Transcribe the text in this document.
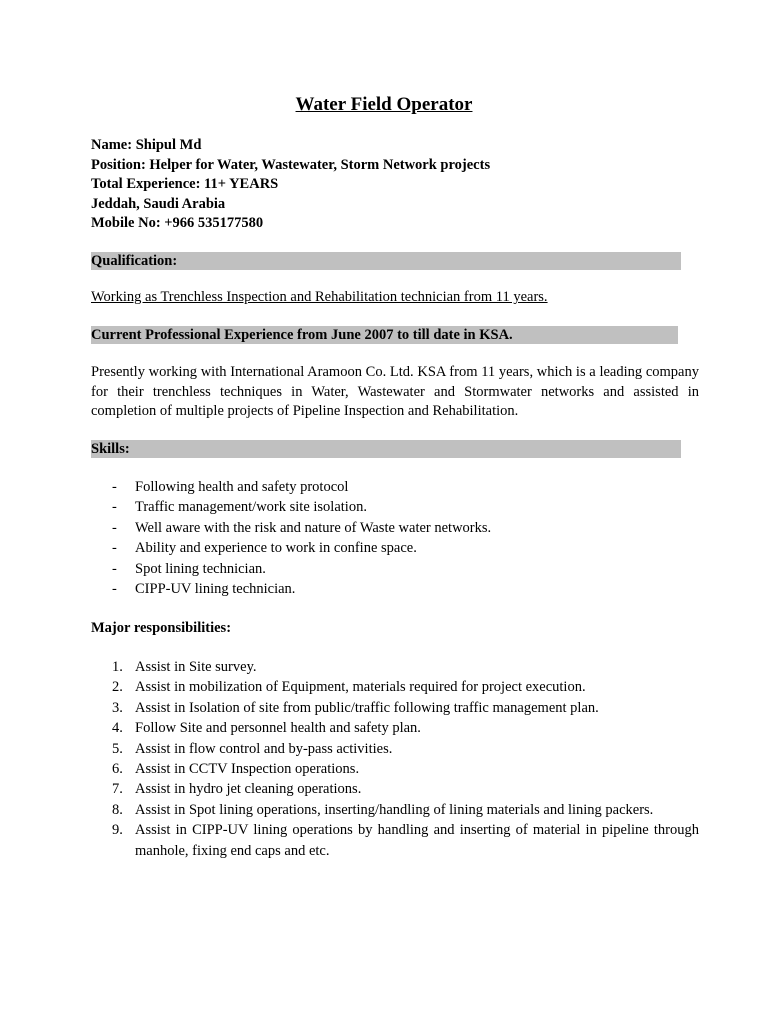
Water Field Operator
Name: Shipul Md
Position: Helper for Water, Wastewater, Storm Network projects
Total Experience: 11+ YEARS
Jeddah, Saudi Arabia
Mobile No: +966 535177580
Qualification:
Working as Trenchless Inspection and Rehabilitation technician from 11 years.
Current Professional Experience from June 2007 to till date in KSA.
Presently working with International Aramoon Co. Ltd. KSA from 11 years, which is a leading company for their trenchless techniques in Water, Wastewater and Stormwater networks and assisted in completion of multiple projects of Pipeline Inspection and Rehabilitation.
Skills:
- Following health and safety protocol
- Traffic management/work site isolation.
- Well aware with the risk and nature of Waste water networks.
- Ability and experience to work in confine space.
- Spot lining technician.
- CIPP-UV lining technician.
Major responsibilities:
1. Assist in Site survey.
2. Assist in mobilization of Equipment, materials required for project execution.
3. Assist in Isolation of site from public/traffic following traffic management plan.
4. Follow Site and personnel health and safety plan.
5. Assist in flow control and by-pass activities.
6. Assist in CCTV Inspection operations.
7. Assist in hydro jet cleaning operations.
8. Assist in Spot lining operations, inserting/handling of lining materials and lining packers.
9. Assist in CIPP-UV lining operations by handling and inserting of material in pipeline through manhole, fixing end caps and etc.
